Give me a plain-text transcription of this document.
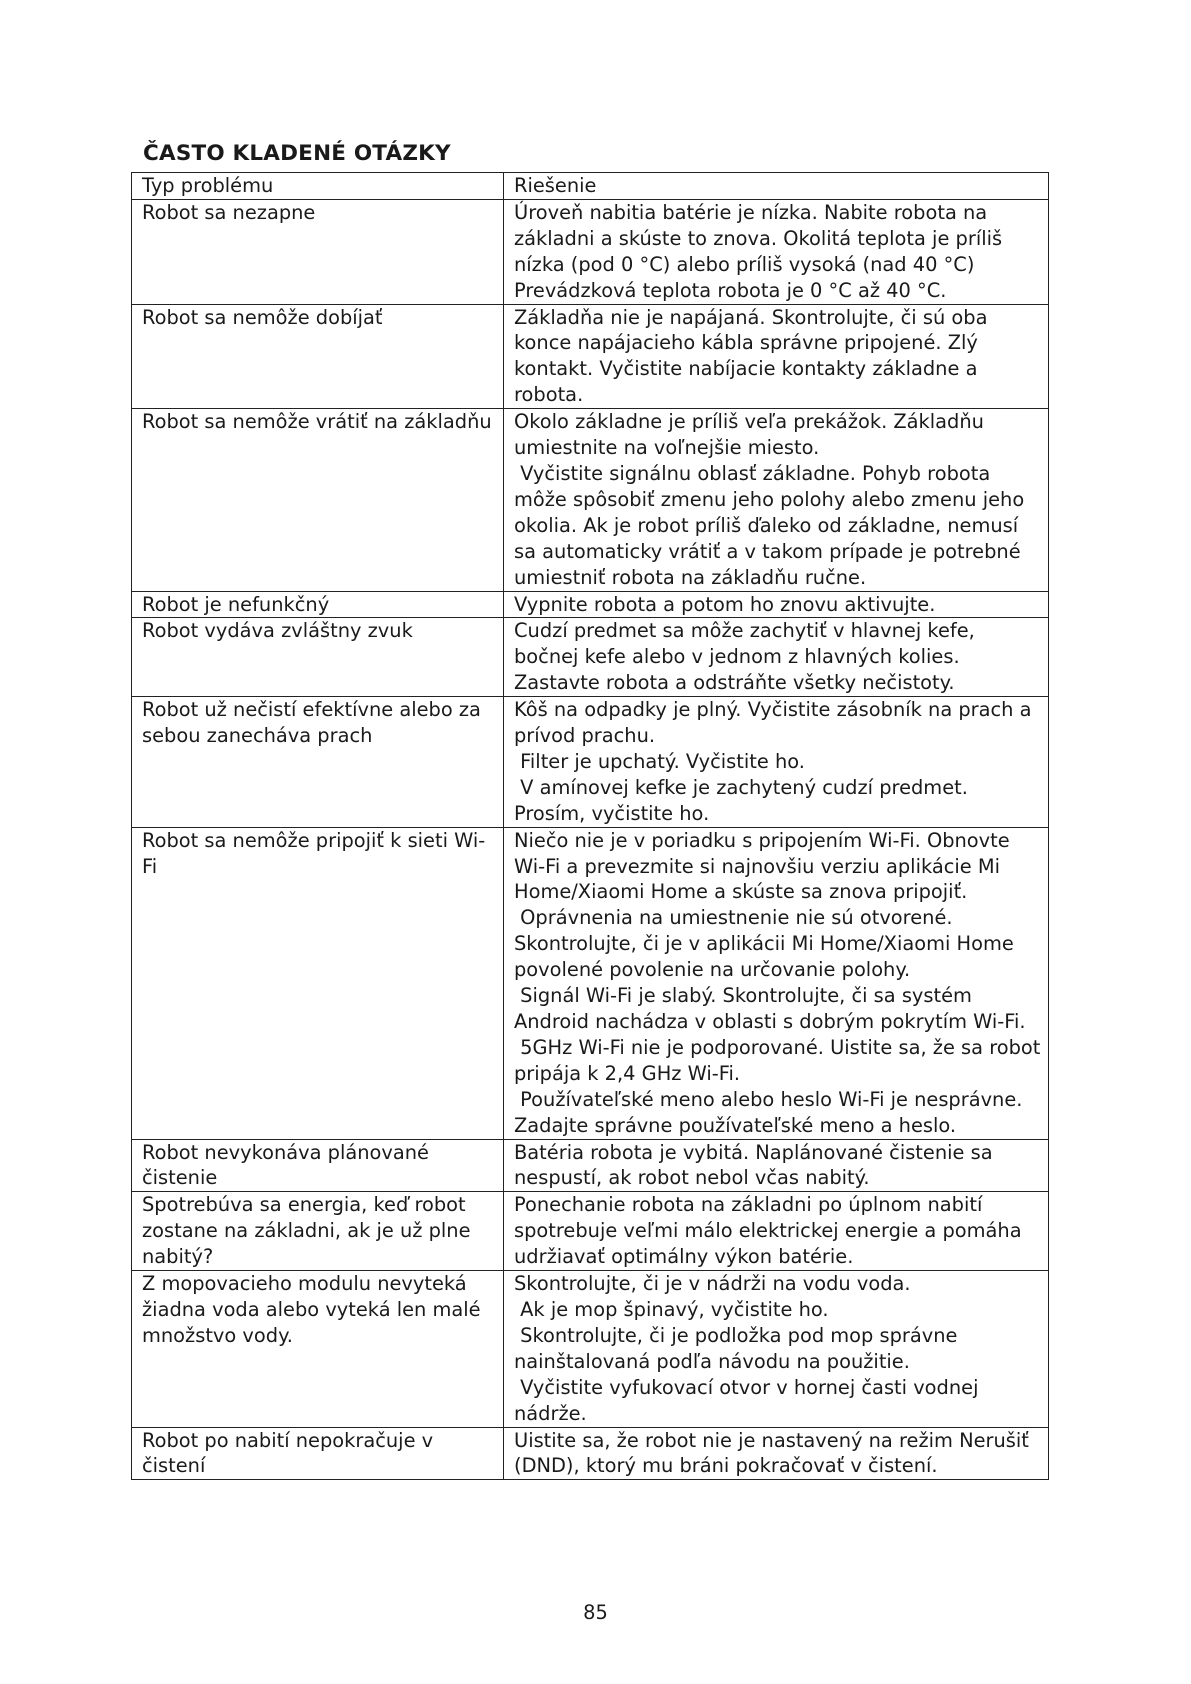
ČASTO KLADENÉ OTÁZKY
Typ problému	Riešenie
Robot sa nezapne	Úroveň nabitia batérie je nízka. Nabite robota na základni a skúste to znova. Okolitá teplota je príliš nízka (pod 0 °C) alebo príliš vysoká (nad 40 °C) Prevádzková teplota robota je 0 °C až 40 °C.

Robot sa nemôže dobíjať	Základňa nie je napájaná. Skontrolujte, či sú oba konce napájacieho kábla správne pripojené. Zlý kontakt. Vyčistite nabíjacie kontakty základne a robota.

Robot sa nemôže vrátiť na základňu	Okolo základne je príliš veľa prekážok. Základňu umiestnite na voľnejšie miesto.
Vyčistite signálnu oblasť základne. Pohyb robota môže spôsobiť zmenu jeho polohy alebo zmenu jeho okolia. Ak je robot príliš ďaleko od základne, nemusí sa automaticky vrátiť a v takom prípade je potrebné umiestniť robota na základňu ručne.

Robot je nefunkčný	Vypnite robota a potom ho znovu aktivujte.

Robot vydáva zvláštny zvuk	Cudzí predmet sa môže zachytiť v hlavnej kefe, bočnej kefe alebo v jednom z hlavných kolies. Zastavte robota a odstráňte všetky nečistoty.

Robot už nečistí efektívne alebo za sebou zanecháva prach	Kôš na odpadky je plný. Vyčistite zásobník na prach a prívod prachu.
Filter je upchatý. Vyčistite ho.
V amínovej kefke je zachytený cudzí predmet. Prosím, vyčistite ho.

Robot sa nemôže pripojiť k sieti Wi-Fi	Niečo nie je v poriadku s pripojením Wi-Fi. Obnovte Wi-Fi a prevezmite si najnovšiu verziu aplikácie Mi Home/Xiaomi Home a skúste sa znova pripojiť.
Oprávnenia na umiestnenie nie sú otvorené. Skontrolujte, či je v aplikácii Mi Home/Xiaomi Home povolené povolenie na určovanie polohy.
Signál Wi-Fi je slabý. Skontrolujte, či sa systém Android nachádza v oblasti s dobrým pokrytím Wi-Fi.
5GHz Wi-Fi nie je podporované. Uistite sa, že sa robot pripája k 2,4 GHz Wi-Fi.
Používateľské meno alebo heslo Wi-Fi je nesprávne. Zadajte správne používateľské meno a heslo.

Robot nevykonáva plánované čistenie	Batéria robota je vybitá. Naplánované čistenie sa nespustí, ak robot nebol včas nabitý.

Spotrebúva sa energia, keď robot zostane na základni, ak je už plne nabitý?	Ponechanie robota na základni po úplnom nabití spotrebuje veľmi málo elektrickej energie a pomáha udržiavať optimálny výkon batérie.

Z mopovacieho modulu nevyteká žiadna voda alebo vyteká len malé množstvo vody.	Skontrolujte, či je v nádrži na vodu voda.
Ak je mop špinavý, vyčistite ho.
Skontrolujte, či je podložka pod mop správne nainštalovaná podľa návodu na použitie.
Vyčistite vyfukovací otvor v hornej časti vodnej nádrže.

Robot po nabití nepokračuje v čistení	Uistite sa, že robot nie je nastavený na režim Nerušiť (DND), ktorý mu bráni pokračovať v čistení.
85
